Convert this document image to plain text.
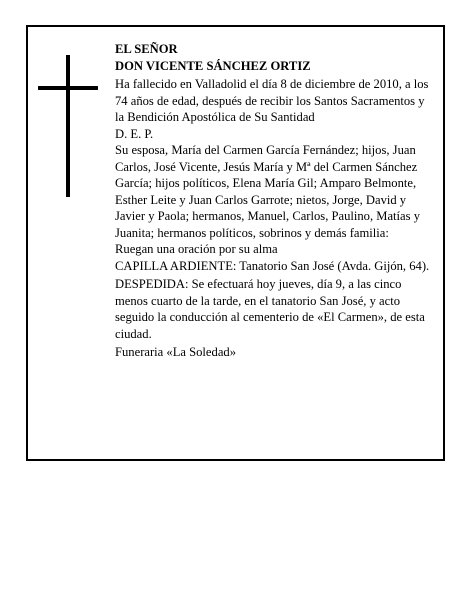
EL SEÑOR

DON VICENTE SÁNCHEZ ORTIZ

Ha fallecido en Valladolid el día 8 de diciembre de 2010, a los 74 años de edad, después de recibir los Santos Sacramentos y la Bendición Apostólica de Su Santidad

D. E. P.

Su esposa, María del Carmen García Fernández; hijos, Juan Carlos, José Vicente, Jesús María y Mª del Carmen Sánchez García; hijos políticos, Elena María Gil; Amparo Belmonte, Esther Leite y Juan Carlos Garrote; nietos, Jorge, David y Javier y Paola; hermanos, Manuel, Carlos, Paulino, Matías y Juanita; hermanos políticos, sobrinos y demás familia:

Ruegan una oración por su alma

CAPILLA ARDIENTE: Tanatorio San José (Avda. Gijón, 64).

DESPEDIDA: Se efectuará hoy jueves, día 9, a las cinco menos cuarto de la tarde, en el tanatorio San José, y acto seguido la conducción al cementerio de «El Carmen», de esta ciudad.

Funeraria «La Soledad»
